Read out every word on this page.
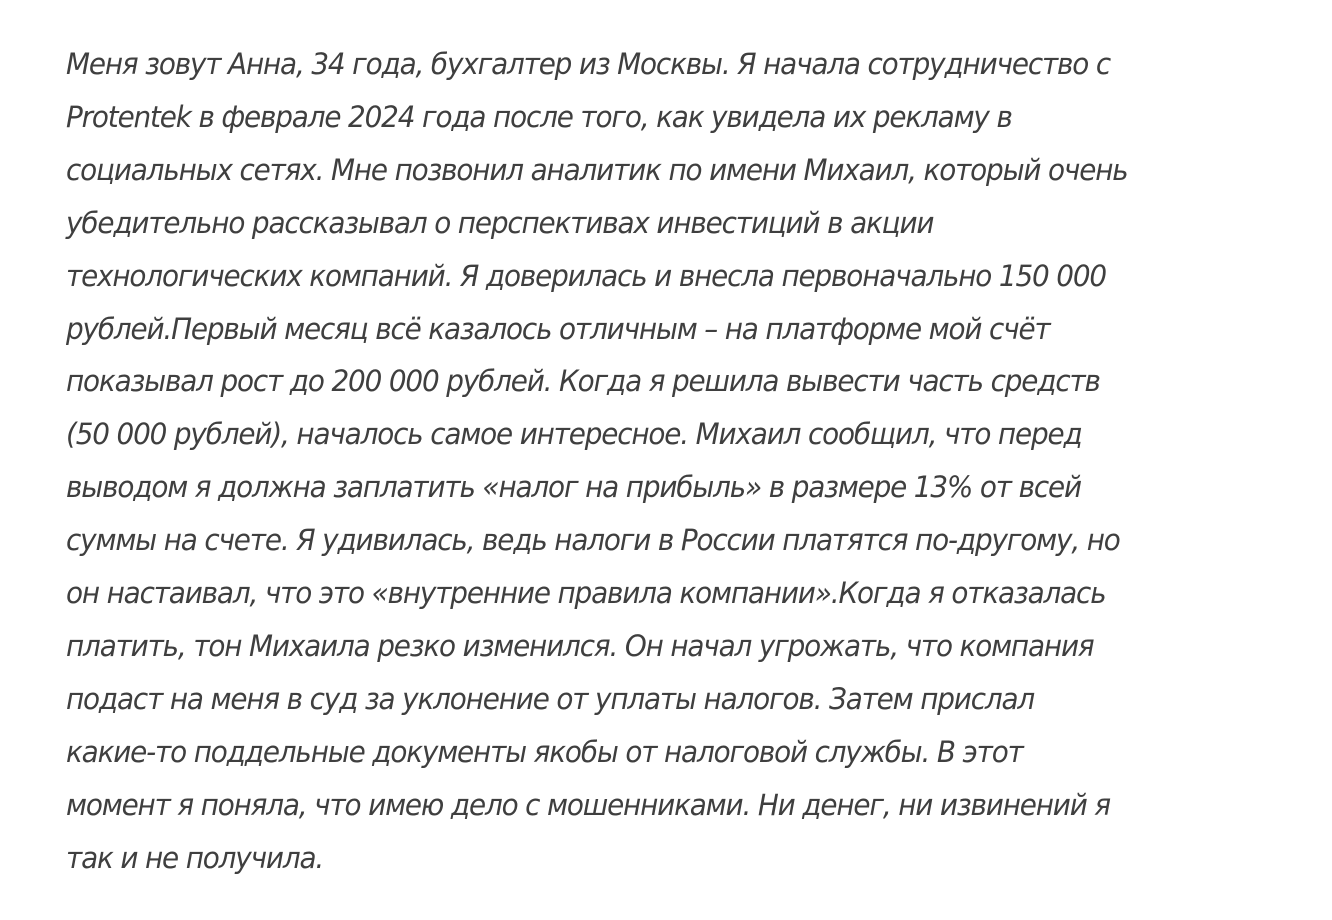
Меня зовут Анна, 34 года, бухгалтер из Москвы. Я начала сотрудничество с
Protentek в феврале 2024 года после того, как увидела их рекламу в
социальных сетях. Мне позвонил аналитик по имени Михаил, который очень
убедительно рассказывал о перспективах инвестиций в акции
технологических компаний. Я доверилась и внесла первоначально 150 000
рублей.Первый месяц всё казалось отличным – на платформе мой счёт
показывал рост до 200 000 рублей. Когда я решила вывести часть средств
(50 000 рублей), началось самое интересное. Михаил сообщил, что перед
выводом я должна заплатить «налог на прибыль» в размере 13% от всей
суммы на счете. Я удивилась, ведь налоги в России платятся по-другому, но
он настаивал, что это «внутренние правила компании».Когда я отказалась
платить, тон Михаила резко изменился. Он начал угрожать, что компания
подаст на меня в суд за уклонение от уплаты налогов. Затем прислал
какие-то поддельные документы якобы от налоговой службы. В этот
момент я поняла, что имею дело с мошенниками. Ни денег, ни извинений я
так и не получила.
